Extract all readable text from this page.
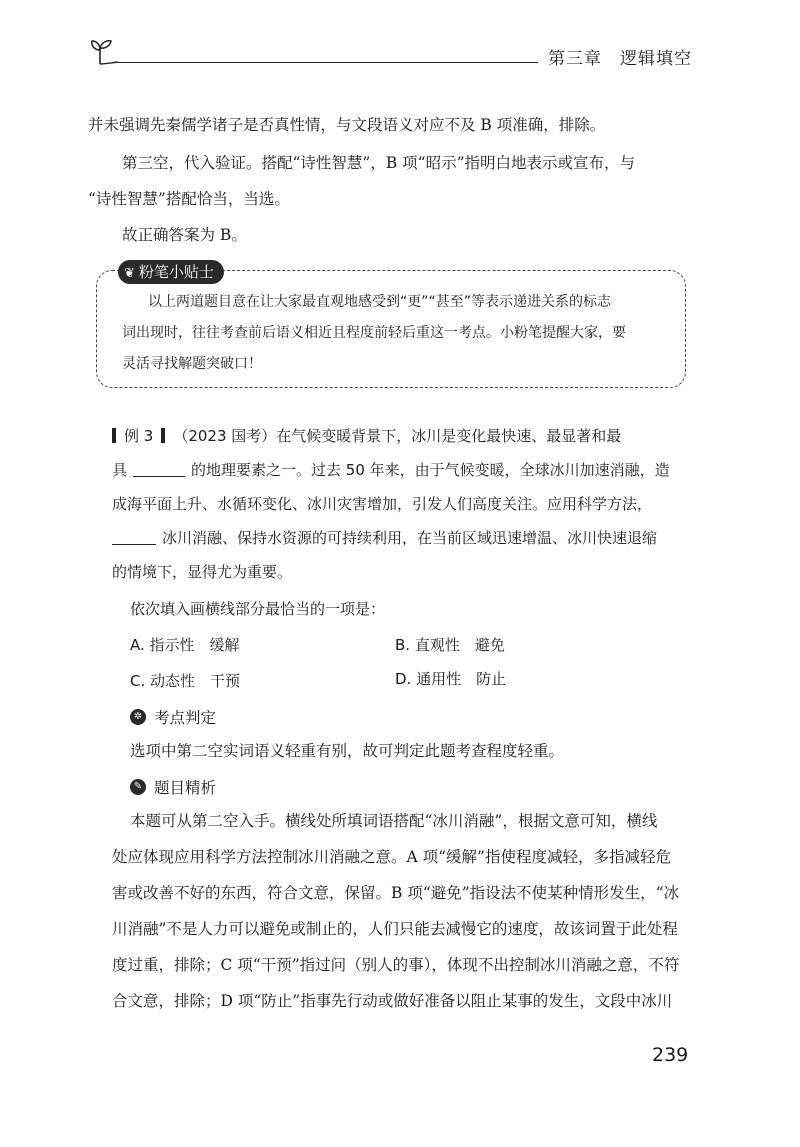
第三章 逻辑填空
并未强调先秦儒学诸子是否真性情，与文段语义对应不及 B 项准确，排除。
第三空，代入验证。搭配“诗性智慧”，B 项“昭示”指明白地表示或宣布，与
“诗性智慧”搭配恰当，当选。
故正确答案为 B。
❦ 粉笔小贴士
以上两道题目意在让大家最直观地感受到“更”“甚至”等表示递进关系的标志
词出现时，往往考查前后语义相近且程度前轻后重这一考点。小粉笔提醒大家，要
灵活寻找解题突破口！
例 3 （2023 国考）在气候变暖背景下，冰川是变化最快速、最显著和最
具	的地理要素之一。过去 50 年来，由于气候变暖，全球冰川加速消融，造
成海平面上升、水循环变化、冰川灾害增加，引发人们高度关注。应用科学方法，
冰川消融、保持水资源的可持续利用，在当前区域迅速增温、冰川快速退缩
的情境下，显得尤为重要。
依次填入画横线部分最恰当的一项是：
A. 指示性　缓解	B. 直观性　避免
C. 动态性　干预	D. 通用性　防止
✲ 考点判定
选项中第二空实词语义轻重有别，故可判定此题考查程度轻重。
✎ 题目精析
本题可从第二空入手。横线处所填词语搭配“冰川消融”，根据文意可知，横线
处应体现应用科学方法控制冰川消融之意。A 项“缓解”指使程度减轻，多指减轻危
害或改善不好的东西，符合文意，保留。B 项“避免”指设法不使某种情形发生，“冰
川消融”不是人力可以避免或制止的，人们只能去减慢它的速度，故该词置于此处程
度过重，排除；C 项“干预”指过问（别人的事），体现不出控制冰川消融之意，不符
合文意，排除；D 项“防止”指事先行动或做好准备以阻止某事的发生，文段中冰川
239
